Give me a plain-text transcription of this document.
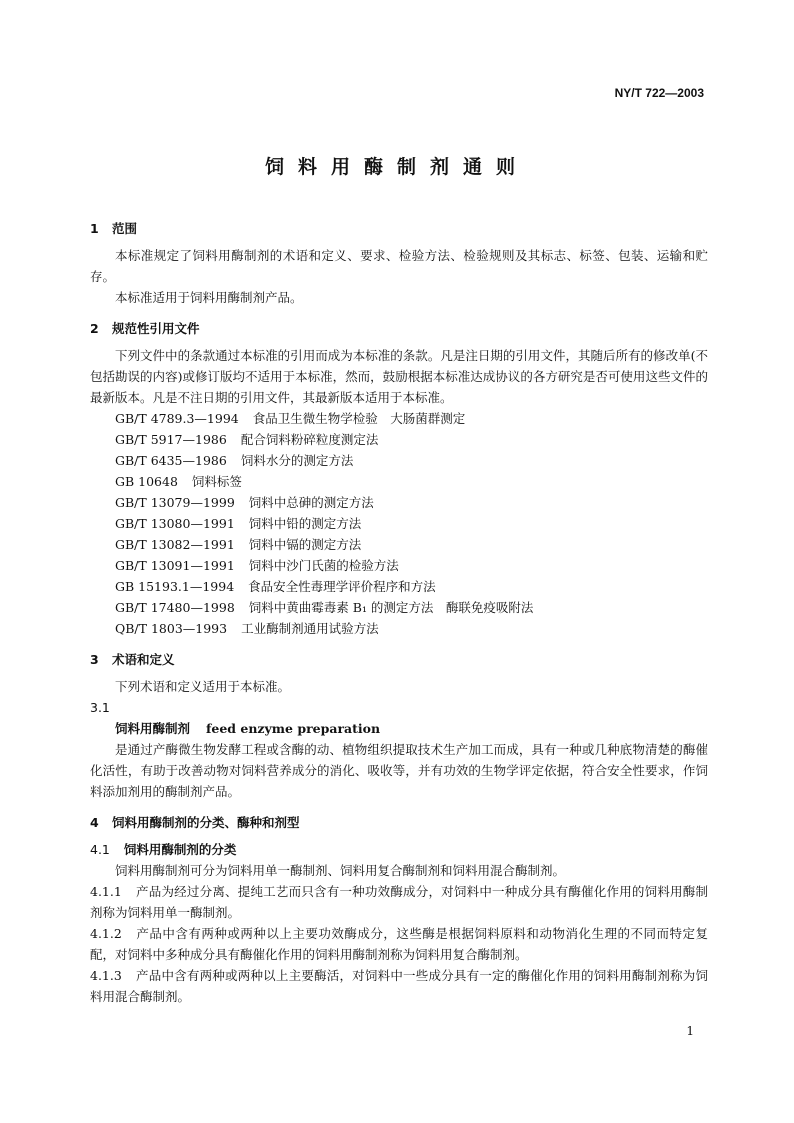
NY/T 722—2003
饲料用酶制剂通则
1 范围
本标准规定了饲料用酶制剂的术语和定义、要求、检验方法、检验规则及其标志、标签、包装、运输和贮存。
本标准适用于饲料用酶制剂产品。
2 规范性引用文件
下列文件中的条款通过本标准的引用而成为本标准的条款。凡是注日期的引用文件，其随后所有的修改单(不包括勘误的内容)或修订版均不适用于本标准，然而，鼓励根据本标准达成协议的各方研究是否可使用这些文件的最新版本。凡是不注日期的引用文件，其最新版本适用于本标准。
GB/T 4789.3—1994 食品卫生微生物学检验　大肠菌群测定
GB/T 5917—1986 配合饲料粉碎粒度测定法
GB/T 6435—1986 饲料水分的测定方法
GB 10648 饲料标签
GB/T 13079—1999 饲料中总砷的测定方法
GB/T 13080—1991 饲料中铅的测定方法
GB/T 13082—1991 饲料中镉的测定方法
GB/T 13091—1991 饲料中沙门氏菌的检验方法
GB 15193.1—1994 食品安全性毒理学评价程序和方法
GB/T 17480—1998 饲料中黄曲霉毒素 B₁ 的测定方法　酶联免疫吸附法
QB/T 1803—1993 工业酶制剂通用试验方法
3 术语和定义
下列术语和定义适用于本标准。
3.1
饲料用酶制剂 feed enzyme preparation
是通过产酶微生物发酵工程或含酶的动、植物组织提取技术生产加工而成，具有一种或几种底物清楚的酶催化活性，有助于改善动物对饲料营养成分的消化、吸收等，并有功效的生物学评定依据，符合安全性要求，作饲料添加剂用的酶制剂产品。
4 饲料用酶制剂的分类、酶种和剂型
4.1 饲料用酶制剂的分类
饲料用酶制剂可分为饲料用单一酶制剂、饲料用复合酶制剂和饲料用混合酶制剂。
4.1.1 产品为经过分离、提纯工艺而只含有一种功效酶成分，对饲料中一种成分具有酶催化作用的饲料用酶制剂称为饲料用单一酶制剂。
4.1.2 产品中含有两种或两种以上主要功效酶成分，这些酶是根据饲料原料和动物消化生理的不同而特定复配，对饲料中多种成分具有酶催化作用的饲料用酶制剂称为饲料用复合酶制剂。
4.1.3 产品中含有两种或两种以上主要酶活，对饲料中一些成分具有一定的酶催化作用的饲料用酶制剂称为饲料用混合酶制剂。
1
